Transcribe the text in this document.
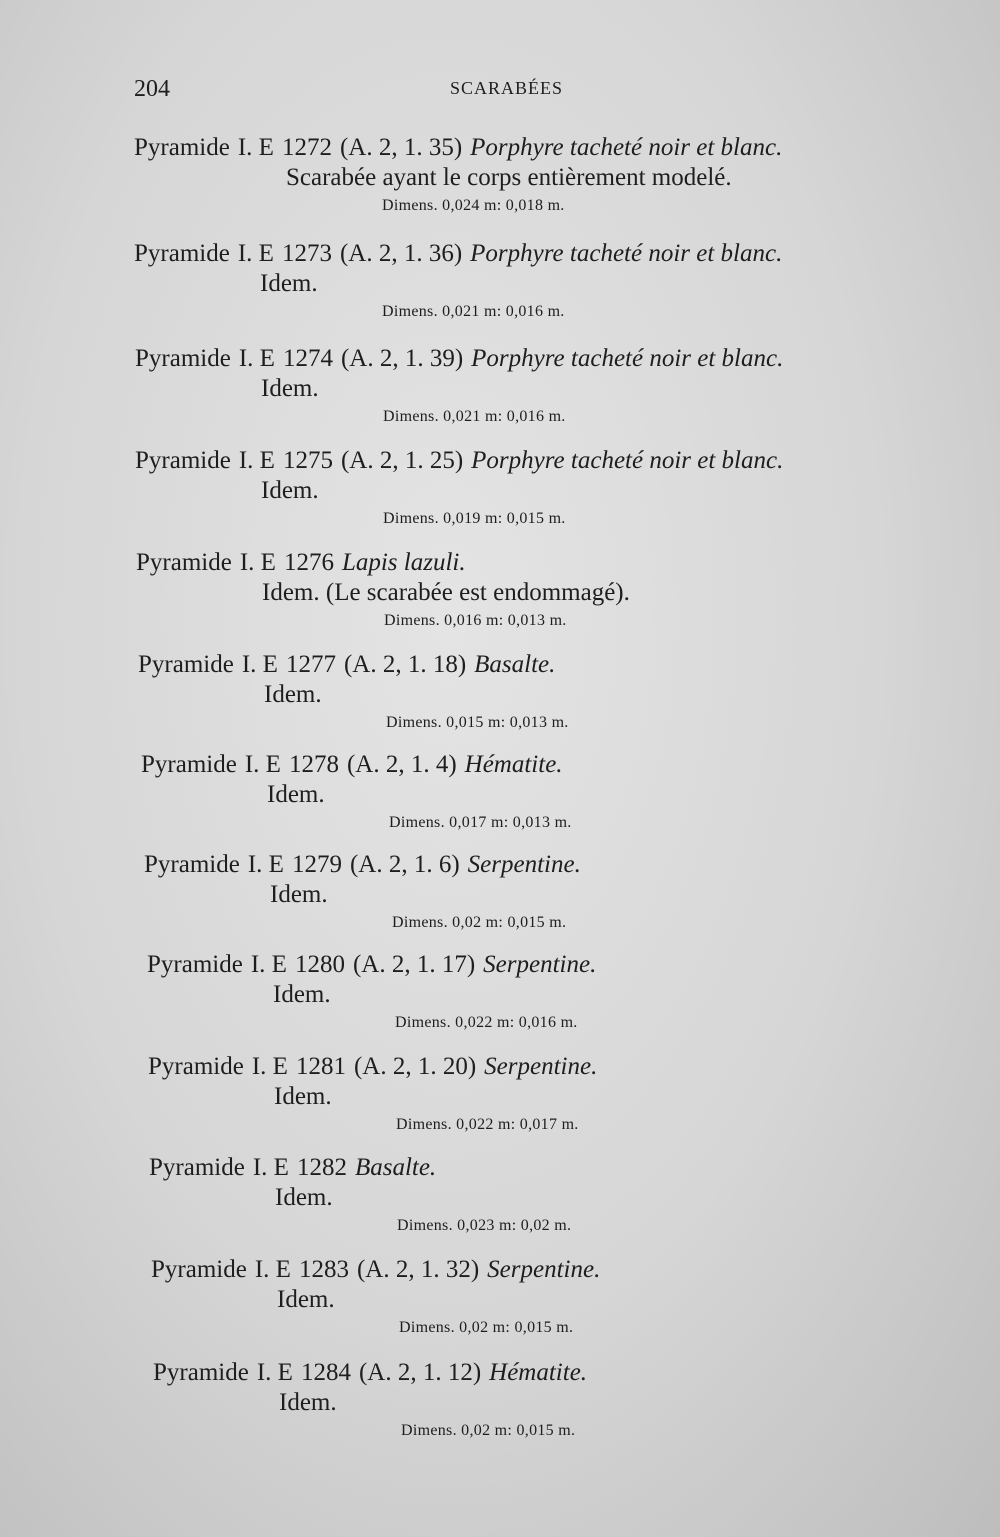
204	SCARABÉES
Pyramide I. E 1272 (A. 2, 1. 35) Porphyre tacheté noir et blanc.
Scarabée ayant le corps entièrement modelé.
Dimens. 0,024 m: 0,018 m.
Pyramide I. E 1273 (A. 2, 1. 36) Porphyre tacheté noir et blanc.
Idem.
Dimens. 0,021 m: 0,016 m.
Pyramide I. E 1274 (A. 2, 1. 39) Porphyre tacheté noir et blanc.
Idem.
Dimens. 0,021 m: 0,016 m.
Pyramide I. E 1275 (A. 2, 1. 25) Porphyre tacheté noir et blanc.
Idem.
Dimens. 0,019 m: 0,015 m.
Pyramide I. E 1276 Lapis lazuli.
Idem. (Le scarabée est endommagé).
Dimens. 0,016 m: 0,013 m.
Pyramide I. E 1277 (A. 2, 1. 18) Basalte.
Idem.
Dimens. 0,015 m: 0,013 m.
Pyramide I. E 1278 (A. 2, 1. 4) Hématite.
Idem.
Dimens. 0,017 m: 0,013 m.
Pyramide I. E 1279 (A. 2, 1. 6) Serpentine.
Idem.
Dimens. 0,02 m: 0,015 m.
Pyramide I. E 1280 (A. 2, 1. 17) Serpentine.
Idem.
Dimens. 0,022 m: 0,016 m.
Pyramide I. E 1281 (A. 2, 1. 20) Serpentine.
Idem.
Dimens. 0,022 m: 0,017 m.
Pyramide I. E 1282 Basalte.
Idem.
Dimens. 0,023 m: 0,02 m.
Pyramide I. E 1283 (A. 2, 1. 32) Serpentine.
Idem.
Dimens. 0,02 m: 0,015 m.
Pyramide I. E 1284 (A. 2, 1. 12) Hématite.
Idem.
Dimens. 0,02 m: 0,015 m.
